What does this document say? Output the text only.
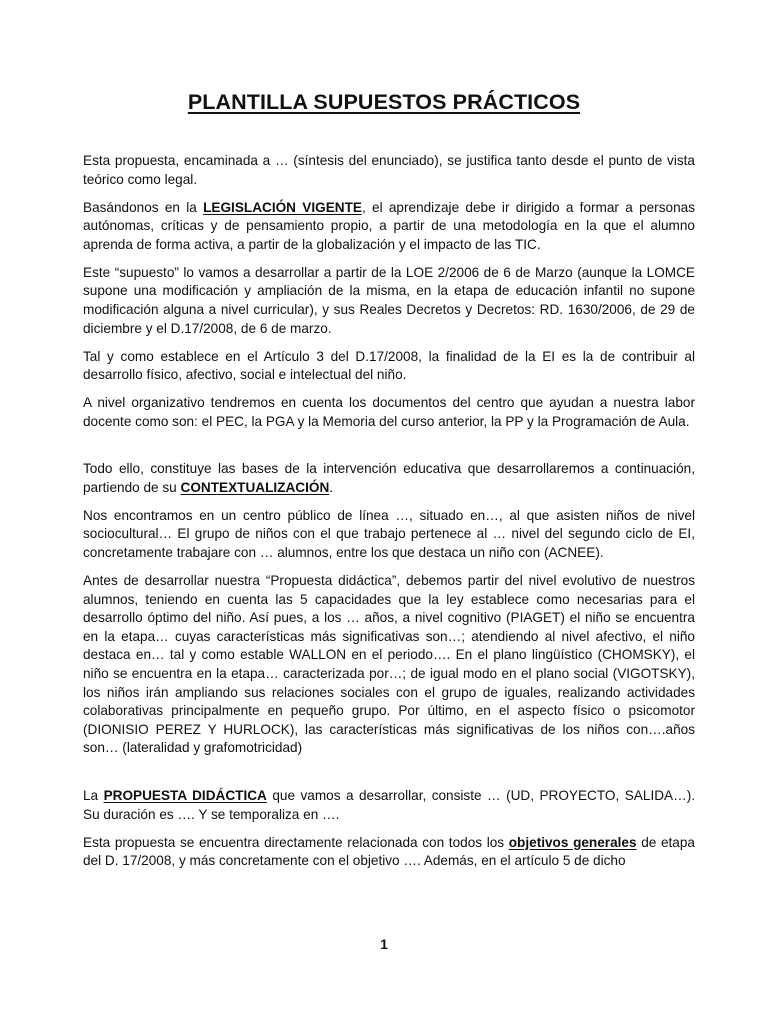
PLANTILLA SUPUESTOS PRÁCTICOS

Esta propuesta, encaminada a … (síntesis del enunciado), se justifica tanto desde el punto de vista teórico como legal.

Basándonos en la LEGISLACIÓN VIGENTE, el aprendizaje debe ir dirigido a formar a personas autónomas, críticas y de pensamiento propio, a partir de una metodología en la que el alumno aprenda de forma activa, a partir de la globalización y el impacto de las TIC.

Este “supuesto” lo vamos a desarrollar a partir de la LOE 2/2006 de 6 de Marzo (aunque la LOMCE supone una modificación y ampliación de la misma, en la etapa de educación infantil no supone modificación alguna a nivel curricular), y sus Reales Decretos y Decretos: RD. 1630/2006, de 29 de diciembre y el D.17/2008, de 6 de marzo.

Tal y como establece en el Artículo 3 del D.17/2008, la finalidad de la EI es la de contribuir al desarrollo físico, afectivo, social e intelectual del niño.

A nivel organizativo tendremos en cuenta los documentos del centro que ayudan a nuestra labor docente como son: el PEC, la PGA y la Memoria del curso anterior, la PP y la Programación de Aula.

Todo ello, constituye las bases de la intervención educativa que desarrollaremos a continuación, partiendo de su CONTEXTUALIZACIÓN.

Nos encontramos en un centro público de línea …, situado en…, al que asisten niños de nivel sociocultural… El grupo de niños con el que trabajo pertenece al … nivel del segundo ciclo de EI, concretamente trabajare con … alumnos, entre los que destaca un niño con (ACNEE).

Antes de desarrollar nuestra “Propuesta didáctica”, debemos partir del nivel evolutivo de nuestros alumnos, teniendo en cuenta las 5 capacidades que la ley establece como necesarias para el desarrollo óptimo del niño. Así pues, a los … años, a nivel cognitivo (PIAGET) el niño se encuentra en la etapa… cuyas características más significativas son…; atendiendo al nivel afectivo, el niño destaca en… tal y como estable WALLON en el periodo…. En el plano lingüístico (CHOMSKY), el niño se encuentra en la etapa… caracterizada por…; de igual modo en el plano social (VIGOTSKY), los niños irán ampliando sus relaciones sociales con el grupo de iguales, realizando actividades colaborativas principalmente en pequeño grupo. Por último, en el aspecto físico o psicomotor (DIONISIO PEREZ Y HURLOCK), las características más significativas de los niños con….años son… (lateralidad y grafomotricidad)

La PROPUESTA DIDÁCTICA que vamos a desarrollar, consiste … (UD, PROYECTO, SALIDA…). Su duración es …. Y se temporaliza en ….

Esta propuesta se encuentra directamente relacionada con todos los objetivos generales de etapa del D. 17/2008, y más concretamente con el objetivo …. Además, en el artículo 5 de dicho

1
